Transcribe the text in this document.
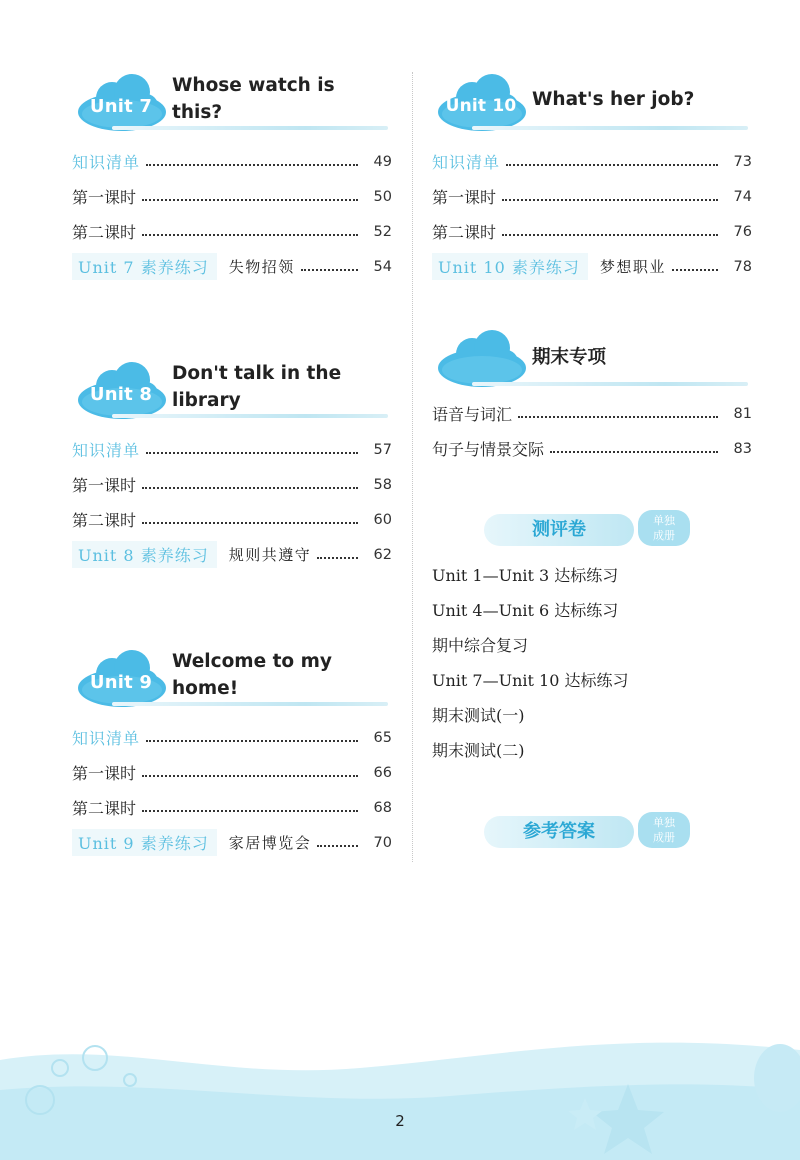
Unit 7
Whose watch is
this?
知识清单	49
第一课时	50
第二课时	52
Unit 7 素养练习	失物招领	54
Unit 8
Don't talk in the
library
知识清单	57
第一课时	58
第二课时	60
Unit 8 素养练习	规则共遵守	62
Unit 9
Welcome to my
home!
知识清单	65
第一课时	66
第二课时	68
Unit 9 素养练习	家居博览会	70
Unit 10 What's her job?
知识清单	73
第一课时	74
第二课时	76
Unit 10 素养练习	梦想职业	78
期末专项
语音与词汇	81
句子与情景交际	83
测评卷	单独
成册
Unit 1—Unit 3 达标练习
Unit 4—Unit 6 达标练习
期中综合复习
Unit 7—Unit 10 达标练习
期末测试(一)
期末测试(二)
参考答案	单独
成册
2
